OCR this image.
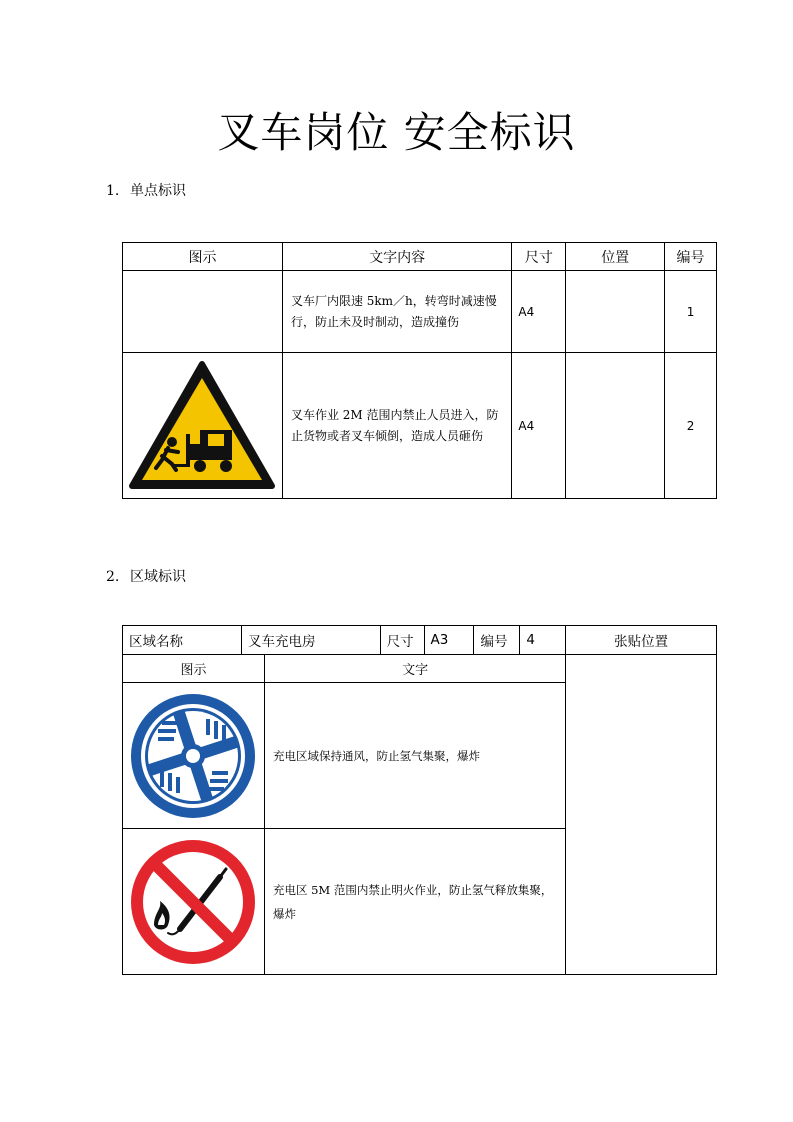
叉车岗位 安全标识
1. 单点标识
图示	文字内容	尺寸	位置	编号
	叉车厂内限速 5km／h，转弯时减速慢行，防止未及时制动，造成撞伤	A4		1

	叉车作业 2M 范围内禁止人员进入，防止货物或者叉车倾倒，造成人员砸伤	A4		2
2. 区域标识
区域名称	叉车充电房		尺寸	A3	编号	4	张贴位置
图示		文字					

	充电区域保持通风，防止氢气集聚，爆炸					

	充电区 5M 范围内禁止明火作业，防止氢气释放集聚，爆炸					
